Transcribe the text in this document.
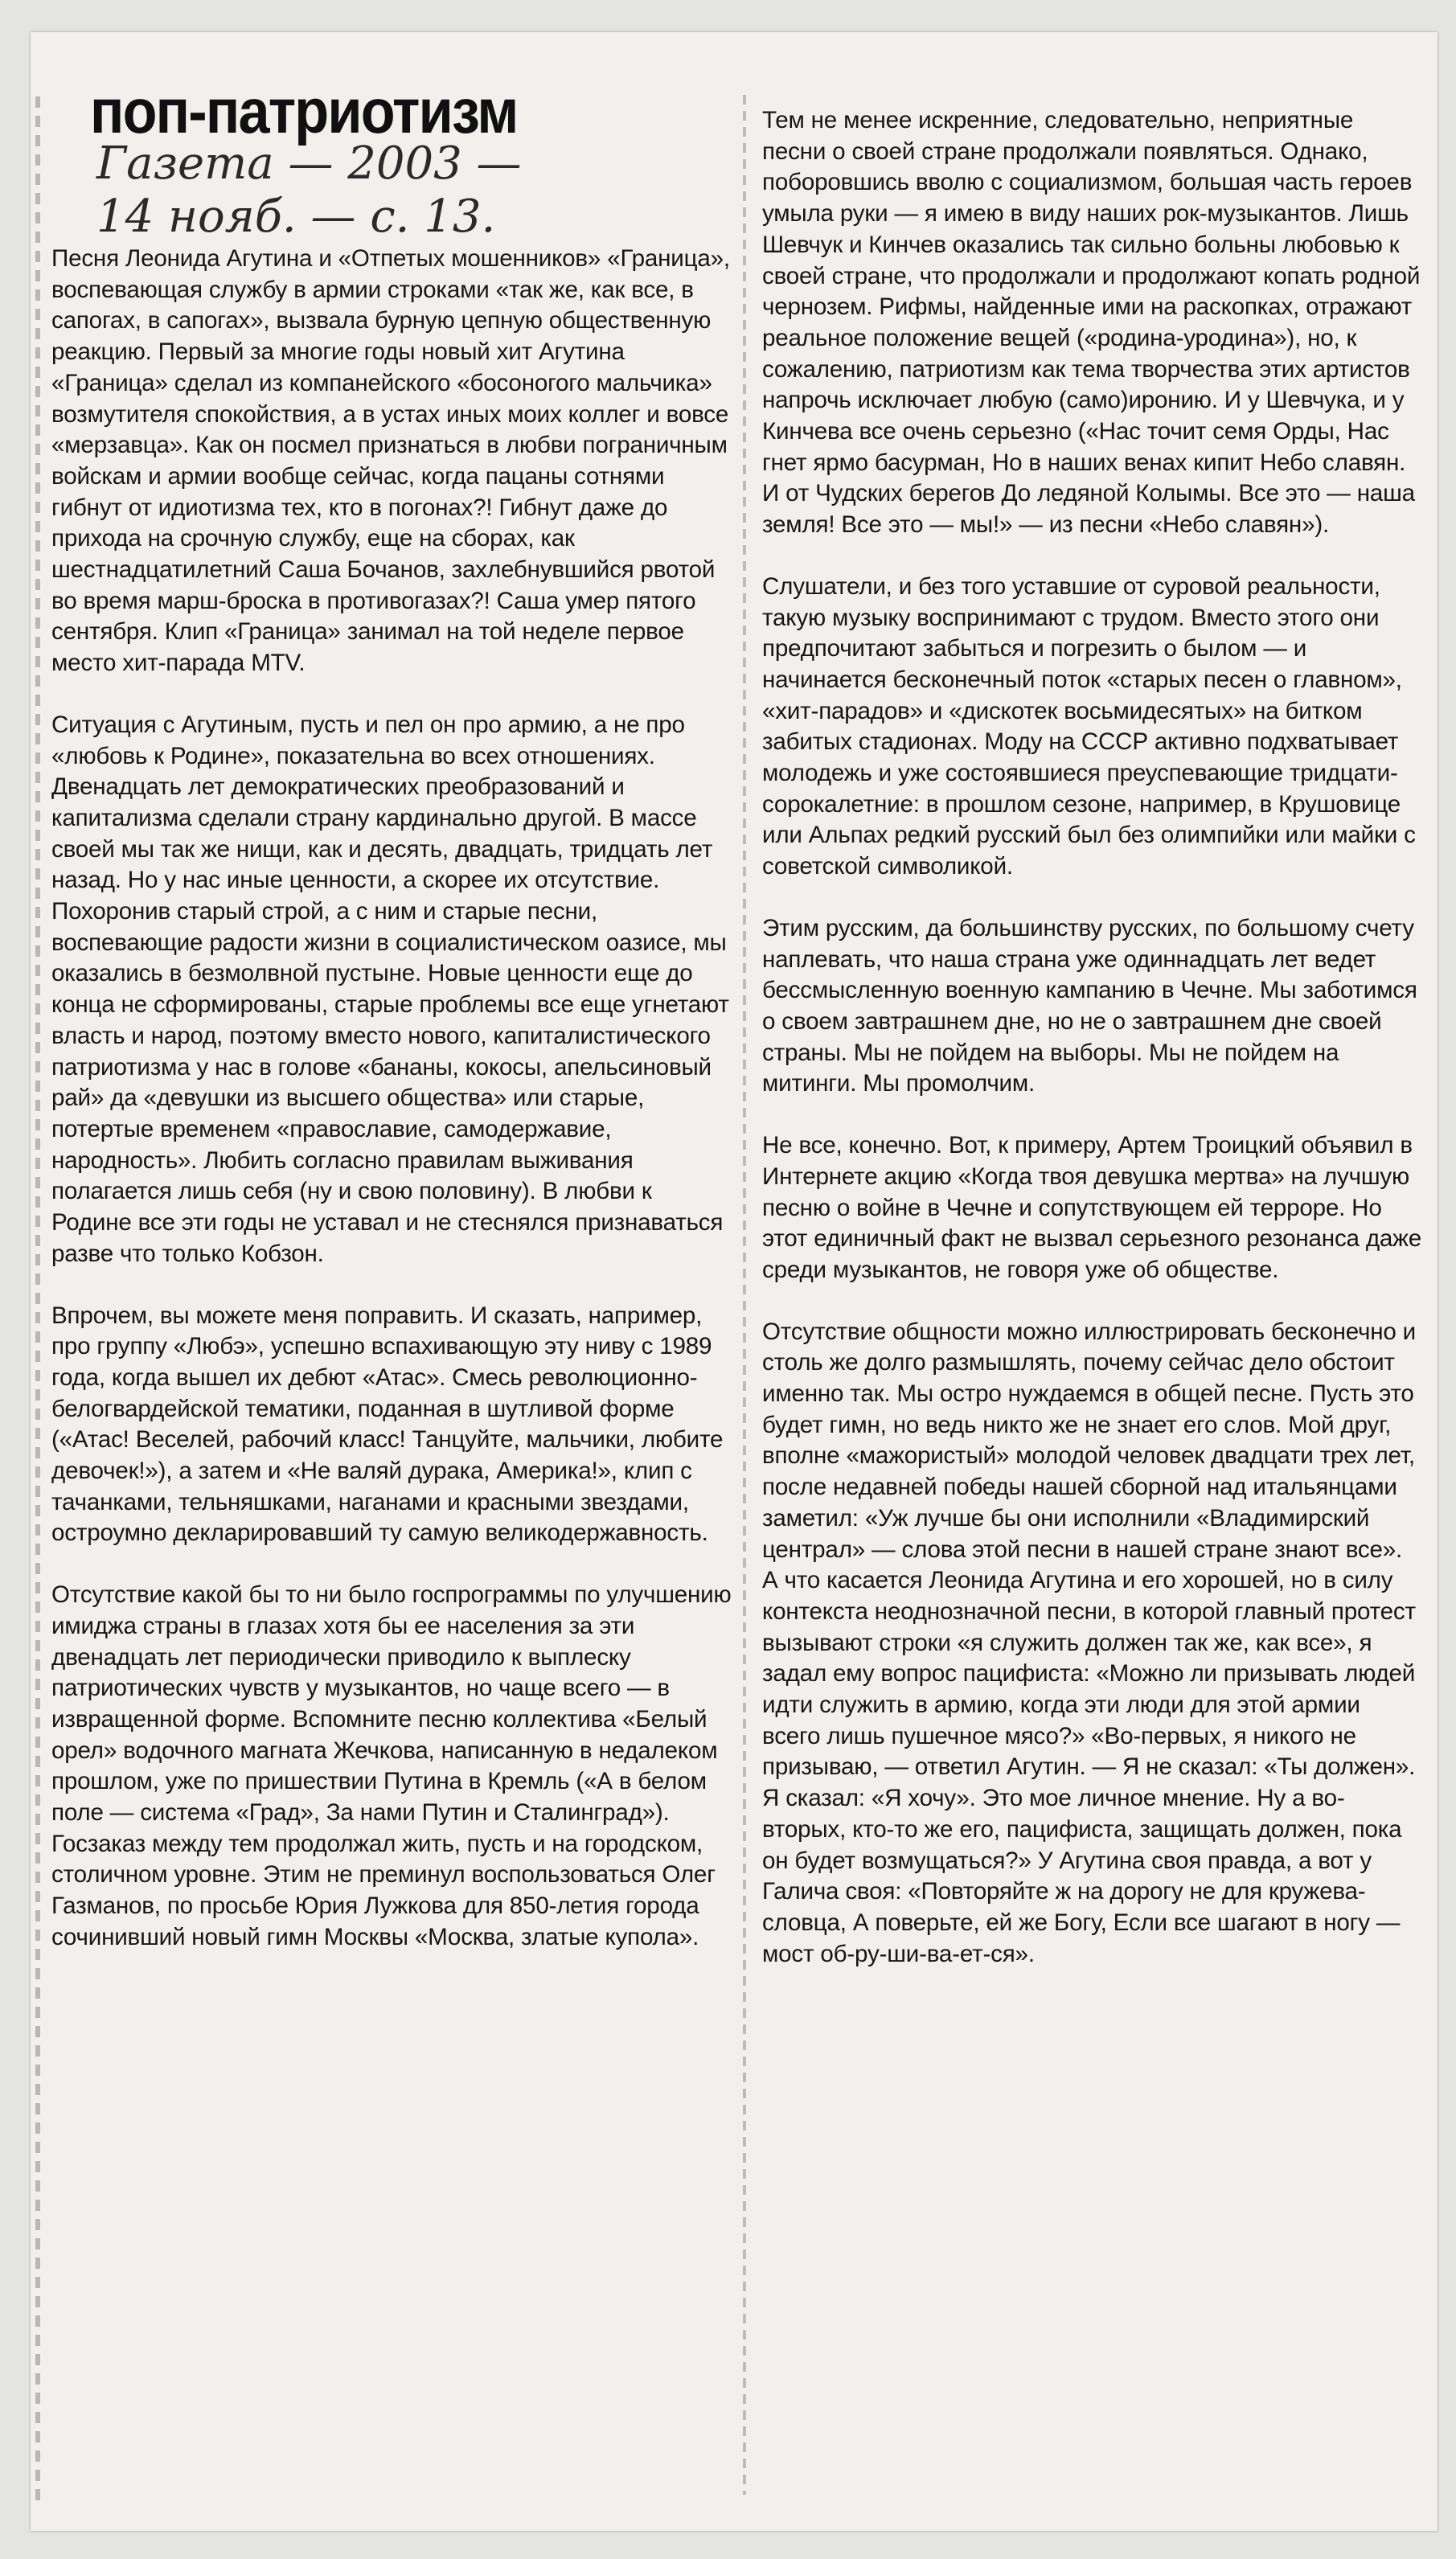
поп-патриотизм
Газета — 2003 —
14 нояб. — с. 13.

Песня Леонида Агутина и «Отпетых мошенников» «Граница», воспевающая службу в армии строками «так же, как все, в сапогах, в сапогах», вызвала бурную цепную общественную реакцию. Первый за многие годы новый хит Агутина «Граница» сделал из компанейского «босоногого мальчика» возмутителя спокойствия, а в устах иных моих коллег и вовсе «мерзавца». Как он посмел признаться в любви пограничным войскам и армии вообще сейчас, когда пацаны сотнями гибнут от идиотизма тех, кто в погонах?! Гибнут даже до прихода на срочную службу, еще на сборах, как шестнадцатилетний Саша Бочанов, захлебнувшийся рвотой во время марш-броска в противогазах?! Саша умер пятого сентября. Клип «Граница» занимал на той неделе первое место хит-парада MTV.

Ситуация с Агутиным, пусть и пел он про армию, а не про «любовь к Родине», показательна во всех отношениях. Двенадцать лет демократических преобразований и капитализма сделали страну кардинально другой. В массе своей мы так же нищи, как и десять, двадцать, тридцать лет назад. Но у нас иные ценности, а скорее их отсутствие. Похоронив старый строй, а с ним и старые песни, воспевающие радости жизни в социалистическом оазисе, мы оказались в безмолвной пустыне. Новые ценности еще до конца не сформированы, старые проблемы все еще угнетают власть и народ, поэтому вместо нового, капиталистического патриотизма у нас в голове «бананы, кокосы, апельсиновый рай» да «девушки из высшего общества» или старые, потертые временем «православие, самодержавие, народность». Любить согласно правилам выживания полагается лишь себя (ну и свою половину). В любви к Родине все эти годы не уставал и не стеснялся признаваться разве что только Кобзон.

Впрочем, вы можете меня поправить. И сказать, например, про группу «Любэ», успешно вспахивающую эту ниву с 1989 года, когда вышел их дебют «Атас». Смесь революционно-белогвардейской тематики, поданная в шутливой форме («Атас! Веселей, рабочий класс! Танцуйте, мальчики, любите девочек!»), а затем и «Не валяй дурака, Америка!», клип с тачанками, тельняшками, наганами и красными звездами, остроумно декларировавший ту самую великодержавность.

Отсутствие какой бы то ни было госпрограммы по улучшению имиджа страны в глазах хотя бы ее населения за эти двенадцать лет периодически приводило к выплеску патриотических чувств у музыкантов, но чаще всего — в извращенной форме. Вспомните песню коллектива «Белый орел» водочного магната Жечкова, написанную в недалеком прошлом, уже по пришествии Путина в Кремль («А в белом поле — система «Град», За нами Путин и Сталинград»). Госзаказ между тем продолжал жить, пусть и на городском, столичном уровне. Этим не преминул воспользоваться Олег Газманов, по просьбе Юрия Лужкова для 850-летия города сочинивший новый гимн Москвы «Москва, златые купола».

Тем не менее искренние, следовательно, неприятные песни о своей стране продолжали появляться. Однако, поборовшись вволю с социализмом, большая часть героев умыла руки — я имею в виду наших рок-музыкантов. Лишь Шевчук и Кинчев оказались так сильно больны любовью к своей стране, что продолжали и продолжают копать родной чернозем. Рифмы, найденные ими на раскопках, отражают реальное положение вещей («родина-уродина»), но, к сожалению, патриотизм как тема творчества этих артистов напрочь исключает любую (само)иронию. И у Шевчука, и у Кинчева все очень серьезно («Нас точит семя Орды, Нас гнет ярмо басурман, Но в наших венах кипит Небо славян. И от Чудских берегов До ледяной Колымы. Все это — наша земля! Все это — мы!» — из песни «Небо славян»).

Слушатели, и без того уставшие от суровой реальности, такую музыку воспринимают с трудом. Вместо этого они предпочитают забыться и погрезить о былом — и начинается бесконечный поток «старых песен о главном», «хит-парадов» и «дискотек восьмидесятых» на битком забитых стадионах. Моду на СССР активно подхватывает молодежь и уже состоявшиеся преуспевающие тридцати-сорокалетние: в прошлом сезоне, например, в Крушовице или Альпах редкий русский был без олимпийки или майки с советской символикой.

Этим русским, да большинству русских, по большому счету наплевать, что наша страна уже одиннадцать лет ведет бессмысленную военную кампанию в Чечне. Мы заботимся о своем завтрашнем дне, но не о завтрашнем дне своей страны. Мы не пойдем на выборы. Мы не пойдем на митинги. Мы промолчим.

Не все, конечно. Вот, к примеру, Артем Троицкий объявил в Интернете акцию «Когда твоя девушка мертва» на лучшую песню о войне в Чечне и сопутствующем ей терроре. Но этот единичный факт не вызвал серьезного резонанса даже среди музыкантов, не говоря уже об обществе.

Отсутствие общности можно иллюстрировать бесконечно и столь же долго размышлять, почему сейчас дело обстоит именно так. Мы остро нуждаемся в общей песне. Пусть это будет гимн, но ведь никто же не знает его слов. Мой друг, вполне «мажористый» молодой человек двадцати трех лет, после недавней победы нашей сборной над итальянцами заметил: «Уж лучше бы они исполнили «Владимирский централ» — слова этой песни в нашей стране знают все». А что касается Леонида Агутина и его хорошей, но в силу контекста неоднозначной песни, в которой главный протест вызывают строки «я служить должен так же, как все», я задал ему вопрос пацифиста: «Можно ли призывать людей идти служить в армию, когда эти люди для этой армии всего лишь пушечное мясо?» «Во-первых, я никого не призываю, — ответил Агутин. — Я не сказал: «Ты должен». Я сказал: «Я хочу». Это мое личное мнение. Ну а во-вторых, кто-то же его, пацифиста, защищать должен, пока он будет возмущаться?» У Агутина своя правда, а вот у Галича своя: «Повторяйте ж на дорогу не для кружева-словца, А поверьте, ей же Богу, Если все шагают в ногу — мост об-ру-ши-ва-ет-ся».
